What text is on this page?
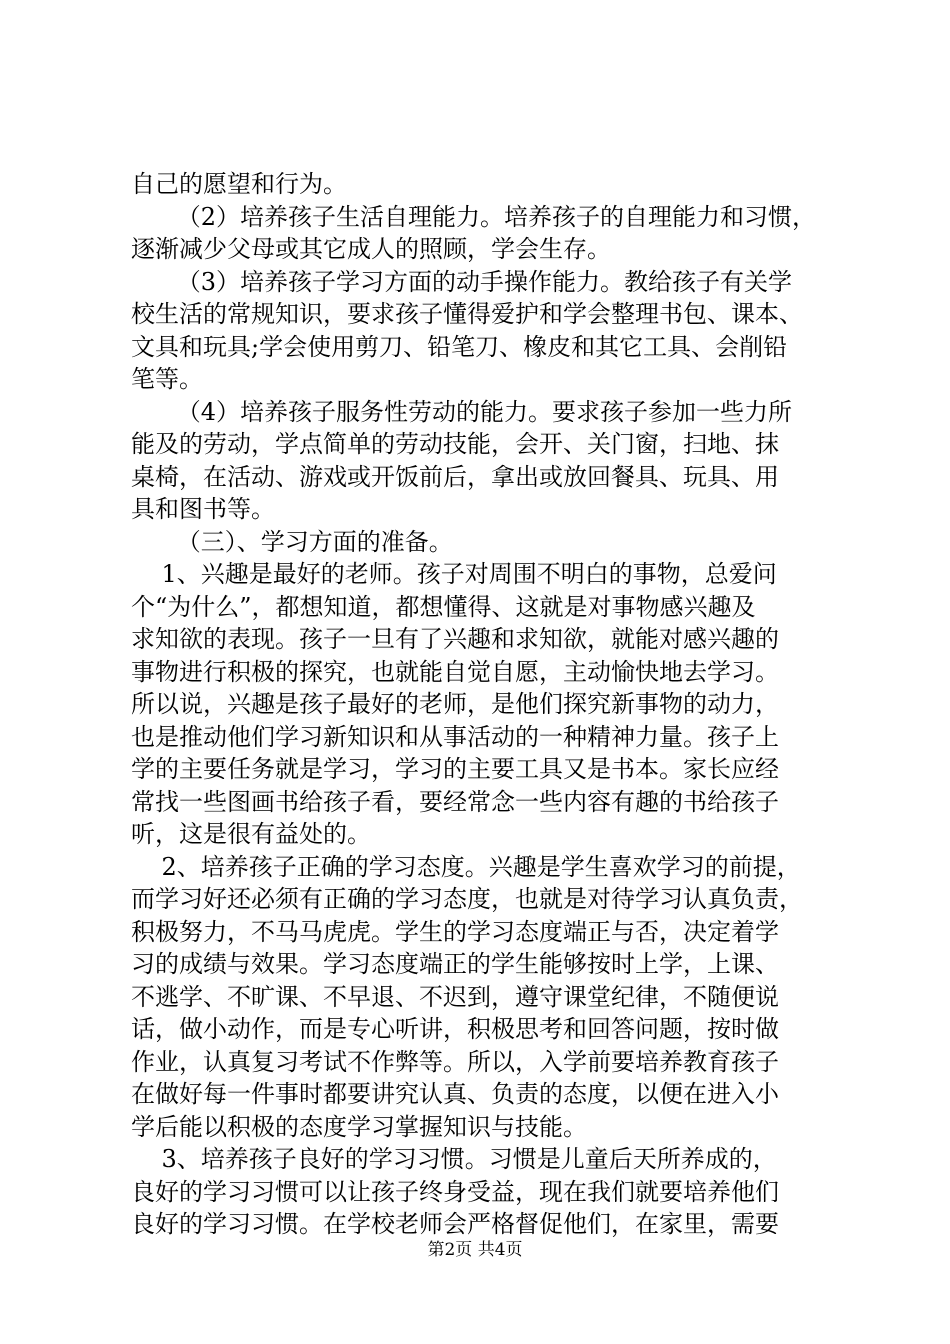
自己的愿望和行为。
（2）培养孩子生活自理能力。培养孩子的自理能力和习惯，
逐渐减少父母或其它成人的照顾，学会生存。
（3）培养孩子学习方面的动手操作能力。教给孩子有关学
校生活的常规知识，要求孩子懂得爱护和学会整理书包、课本、
文具和玩具;学会使用剪刀、铅笔刀、橡皮和其它工具、会削铅
笔等。
（4）培养孩子服务性劳动的能力。要求孩子参加一些力所
能及的劳动，学点简单的劳动技能，会开、关门窗，扫地、抹
桌椅，在活动、游戏或开饭前后，拿出或放回餐具、玩具、用
具和图书等。
（三）、学习方面的准备。
1、兴趣是最好的老师。孩子对周围不明白的事物，总爱问
个“为什么”，都想知道，都想懂得、这就是对事物感兴趣及
求知欲的表现。孩子一旦有了兴趣和求知欲，就能对感兴趣的
事物进行积极的探究，也就能自觉自愿，主动愉快地去学习。
所以说，兴趣是孩子最好的老师，是他们探究新事物的动力，
也是推动他们学习新知识和从事活动的一种精神力量。孩子上
学的主要任务就是学习，学习的主要工具又是书本。家长应经
常找一些图画书给孩子看，要经常念一些内容有趣的书给孩子
听，这是很有益处的。
2、培养孩子正确的学习态度。兴趣是学生喜欢学习的前提，
而学习好还必须有正确的学习态度，也就是对待学习认真负责，
积极努力，不马马虎虎。学生的学习态度端正与否，决定着学
习的成绩与效果。学习态度端正的学生能够按时上学，上课、
不逃学、不旷课、不早退、不迟到，遵守课堂纪律，不随便说
话，做小动作，而是专心听讲，积极思考和回答问题，按时做
作业，认真复习考试不作弊等。所以，入学前要培养教育孩子
在做好每一件事时都要讲究认真、负责的态度，以便在进入小
学后能以积极的态度学习掌握知识与技能。
3、培养孩子良好的学习习惯。习惯是儿童后天所养成的，
良好的学习习惯可以让孩子终身受益，现在我们就要培养他们
良好的学习习惯。在学校老师会严格督促他们，在家里，需要
第2页 共4页
